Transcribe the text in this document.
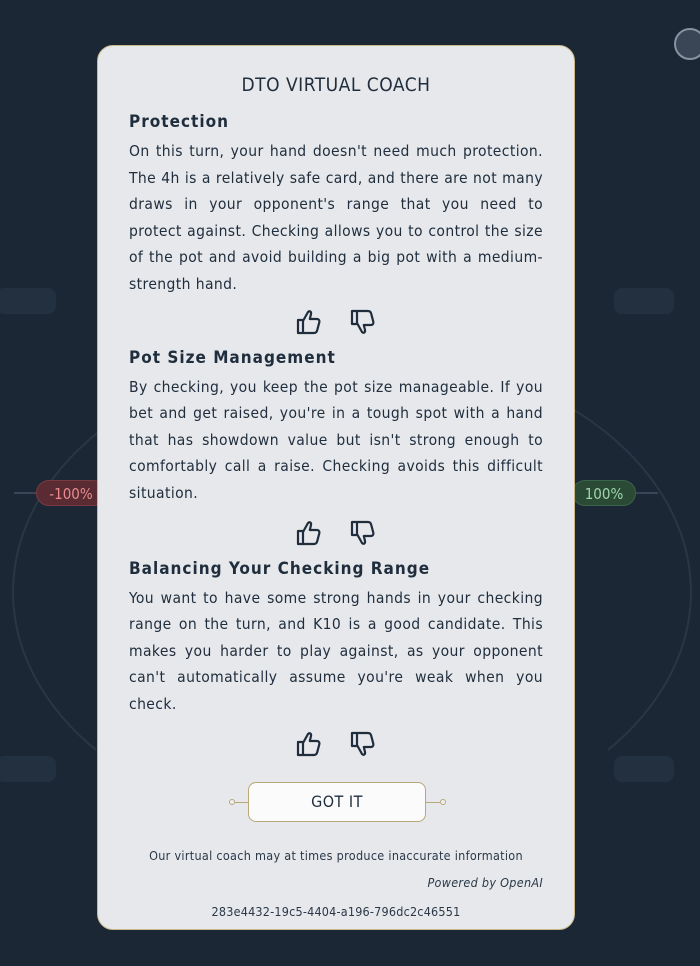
-100%	100%
DTO VIRTUAL COACH
Protection
On this turn, your hand doesn't need much protection. The 4h is a relatively safe card, and there are not many draws in your opponent's range that you need to protect against. Checking allows you to control the size of the pot and avoid building a big pot with a medium-strength hand.
Pot Size Management
By checking, you keep the pot size manageable. If you bet and get raised, you're in a tough spot with a hand that has showdown value but isn't strong enough to comfortably call a raise. Checking avoids this difficult situation.
Balancing Your Checking Range
You want to have some strong hands in your checking range on the turn, and K10 is a good candidate. This makes you harder to play against, as your opponent can't automatically assume you're weak when you check.
GOT IT
Our virtual coach may at times produce inaccurate information
Powered by OpenAI
283e4432-19c5-4404-a196-796dc2c46551
